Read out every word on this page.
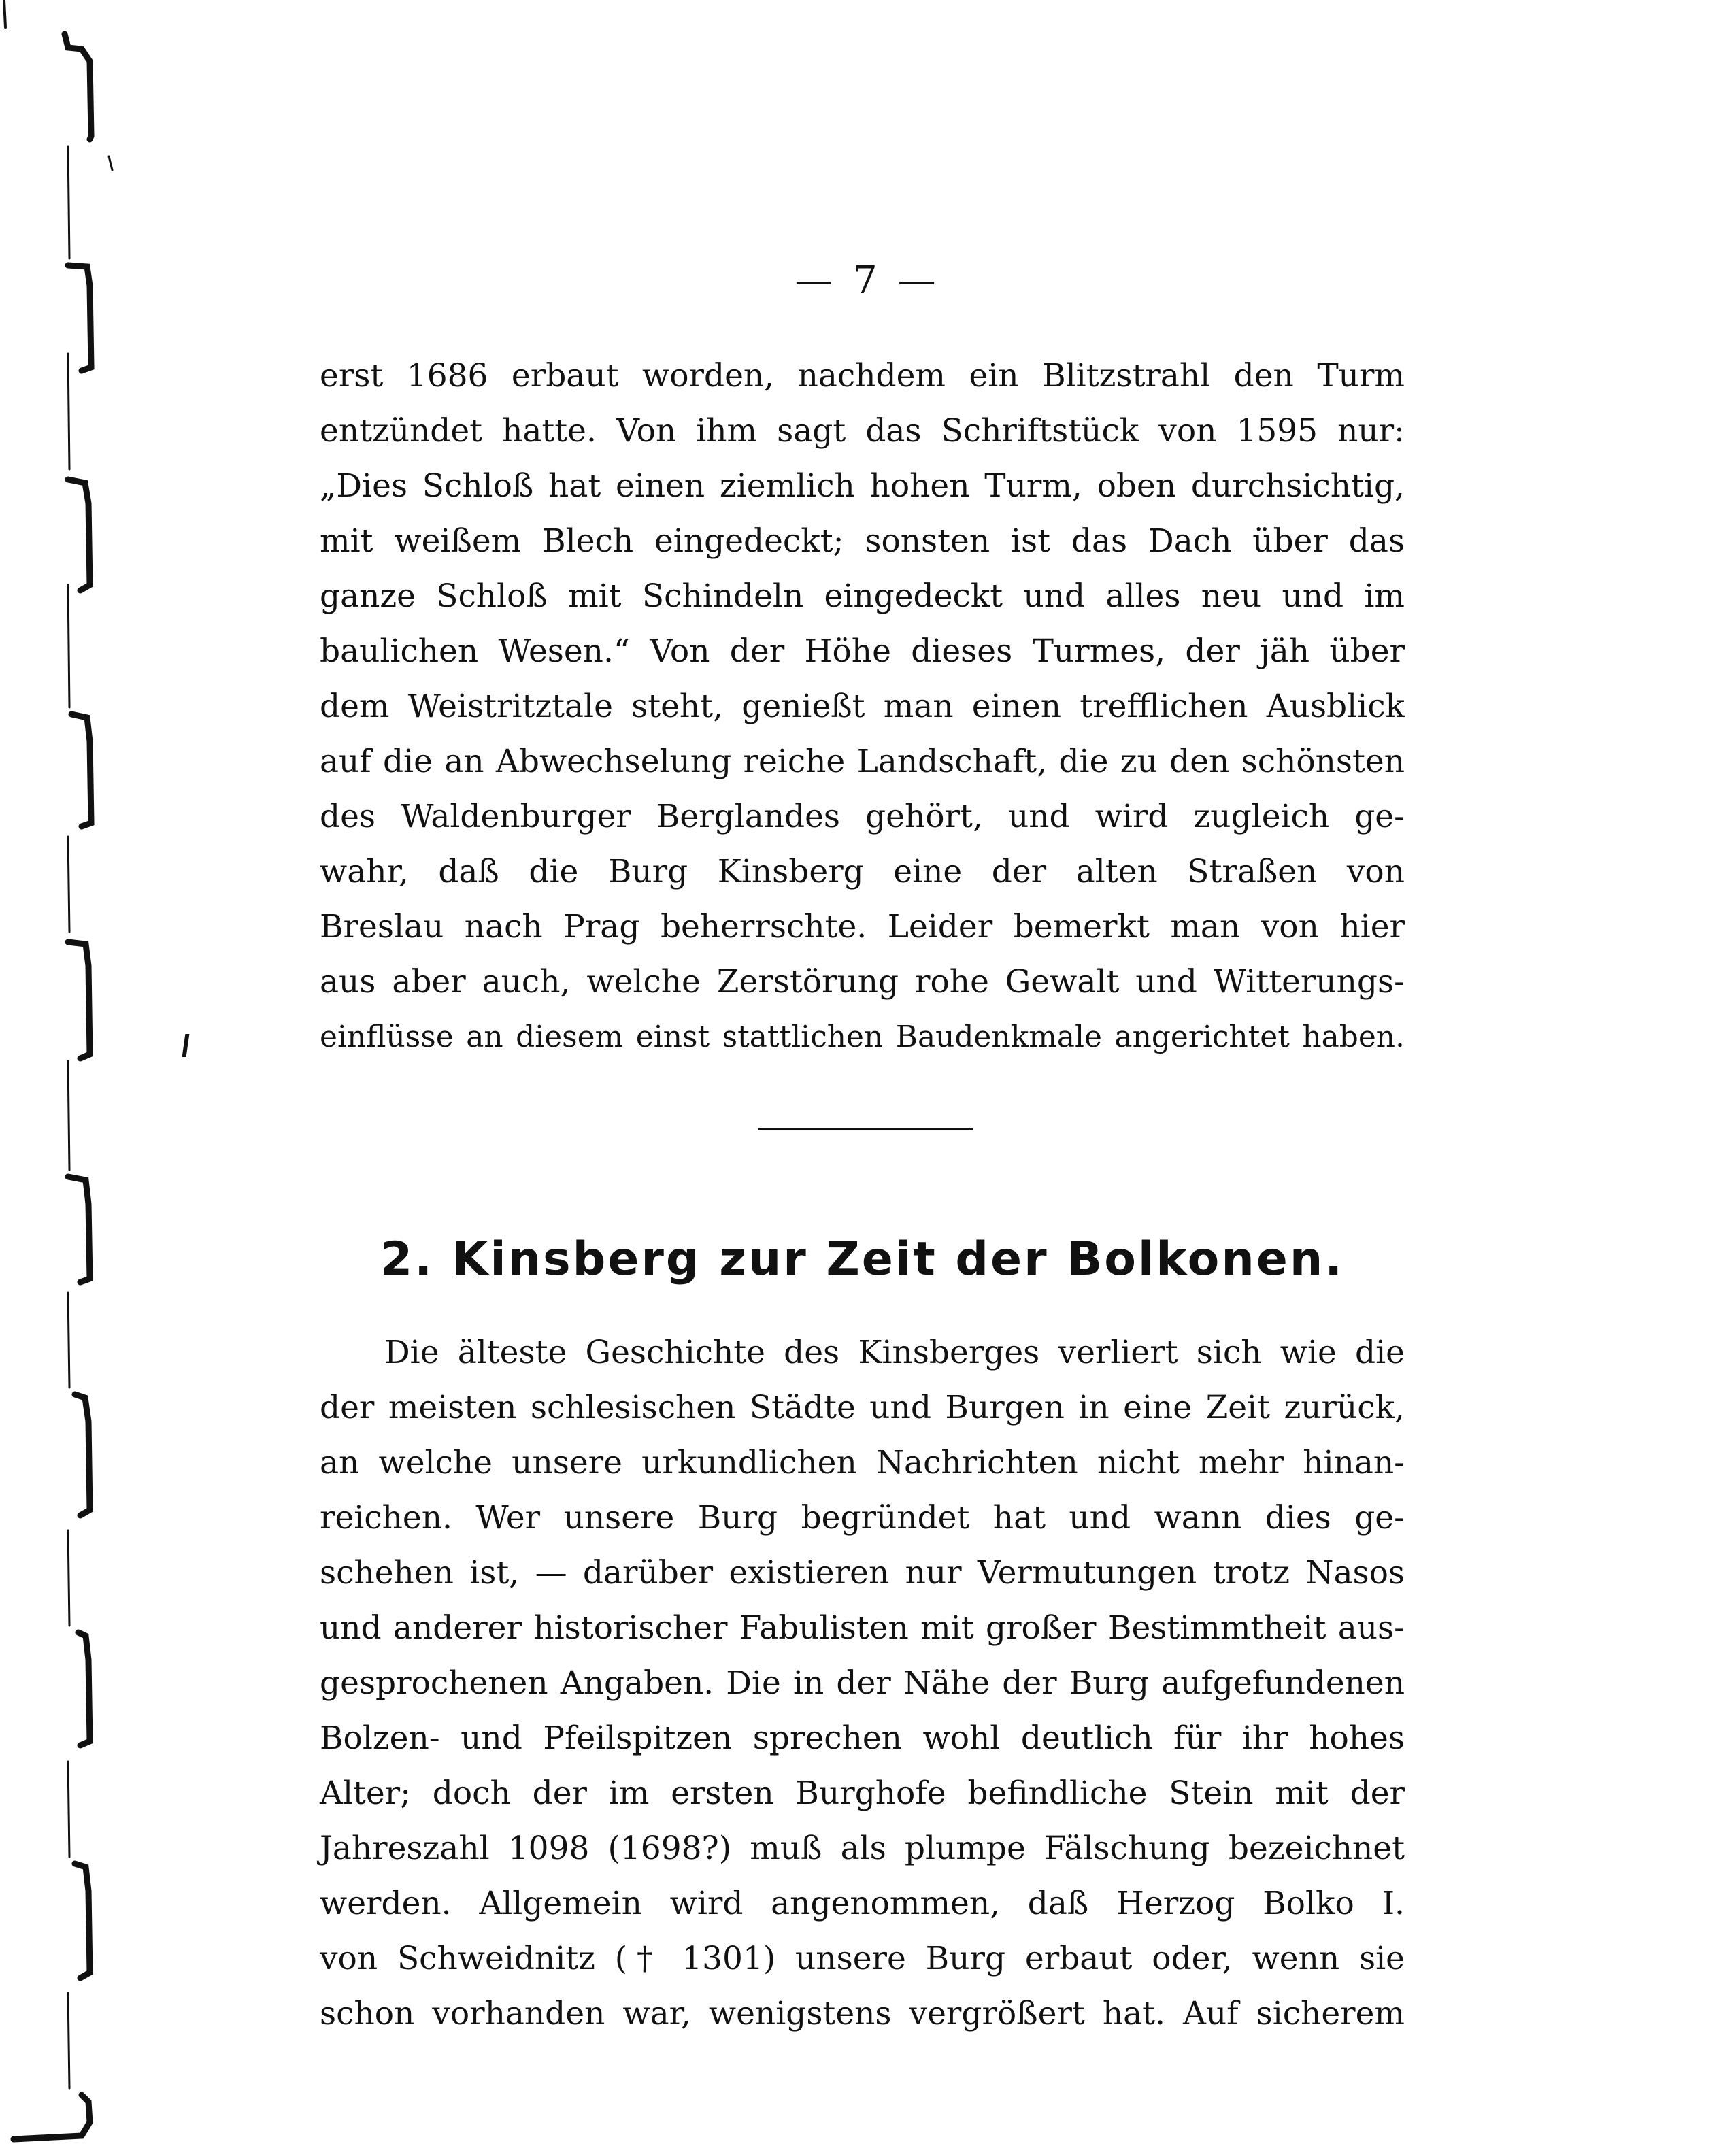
— 7 —
erst 1686 erbaut worden, nachdem ein Blitzstrahl den Turm
entzündet hatte. Von ihm sagt das Schriftstück von 1595 nur:
„Dies Schloß hat einen ziemlich hohen Turm, oben durchsichtig,
mit weißem Blech eingedeckt; sonsten ist das Dach über das
ganze Schloß mit Schindeln eingedeckt und alles neu und im
baulichen Wesen.“ Von der Höhe dieses Turmes, der jäh über
dem Weistritztale steht, genießt man einen trefflichen Ausblick
auf die an Abwechselung reiche Landschaft, die zu den schönsten
des Waldenburger Berglandes gehört, und wird zugleich ge-
wahr, daß die Burg Kinsberg eine der alten Straßen von
Breslau nach Prag beherrschte. Leider bemerkt man von hier
aus aber auch, welche Zerstörung rohe Gewalt und Witterungs-
einflüsse an diesem einst stattlichen Baudenkmale angerichtet haben.
2. Kinsberg zur Zeit der Bolkonen.
Die älteste Geschichte des Kinsberges verliert sich wie die
der meisten schlesischen Städte und Burgen in eine Zeit zurück,
an welche unsere urkundlichen Nachrichten nicht mehr hinan-
reichen. Wer unsere Burg begründet hat und wann dies ge-
schehen ist, — darüber existieren nur Vermutungen trotz Nasos
und anderer historischer Fabulisten mit großer Bestimmtheit aus-
gesprochenen Angaben. Die in der Nähe der Burg aufgefundenen
Bolzen- und Pfeilspitzen sprechen wohl deutlich für ihr hohes
Alter; doch der im ersten Burghofe befindliche Stein mit der
Jahreszahl 1098 (1698?) muß als plumpe Fälschung bezeichnet
werden. Allgemein wird angenommen, daß Herzog Bolko I.
von Schweidnitz († 1301) unsere Burg erbaut oder, wenn sie
schon vorhanden war, wenigstens vergrößert hat. Auf sicherem
